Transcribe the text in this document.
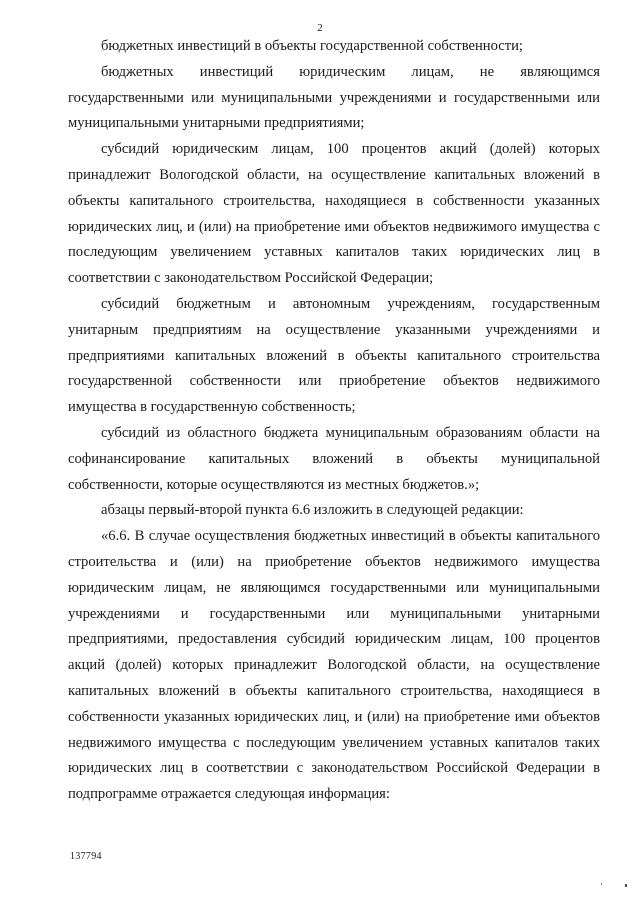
2

бюджетных инвестиций в объекты государственной собственности;

бюджетных инвестиций юридическим лицам, не являющимся государственными или муниципальными учреждениями и государственными или муниципальными унитарными предприятиями;

субсидий юридическим лицам, 100 процентов акций (долей) которых принадлежит Вологодской области, на осуществление капитальных вложений в объекты капитального строительства, находящиеся в собственности указанных юридических лиц, и (или) на приобретение ими объектов недвижимого имущества с последующим увеличением уставных капиталов таких юридических лиц в соответствии с законодательством Российской Федерации;

субсидий бюджетным и автономным учреждениям, государственным унитарным предприятиям на осуществление указанными учреждениями и предприятиями капитальных вложений в объекты капитального строительства государственной собственности или приобретение объектов недвижимого имущества в государственную собственность;

субсидий из областного бюджета муниципальным образованиям области на софинансирование капитальных вложений в объекты муниципальной собственности, которые осуществляются из местных бюджетов.»;

абзацы первый-второй пункта 6.6 изложить в следующей редакции:

«6.6. В случае осуществления бюджетных инвестиций в объекты капитального строительства и (или) на приобретение объектов недвижимого имущества юридическим лицам, не являющимся государственными или муниципальными учреждениями и государственными или муниципальными унитарными предприятиями, предоставления субсидий юридическим лицам, 100 процентов акций (долей) которых принадлежит Вологодской области, на осуществление капитальных вложений в объекты капитального строительства, находящиеся в собственности указанных юридических лиц, и (или) на приобретение ими объектов недвижимого имущества с последующим увеличением уставных капиталов таких юридических лиц в соответствии с законодательством Российской Федерации в подпрограмме отражается следующая информация:

137794
